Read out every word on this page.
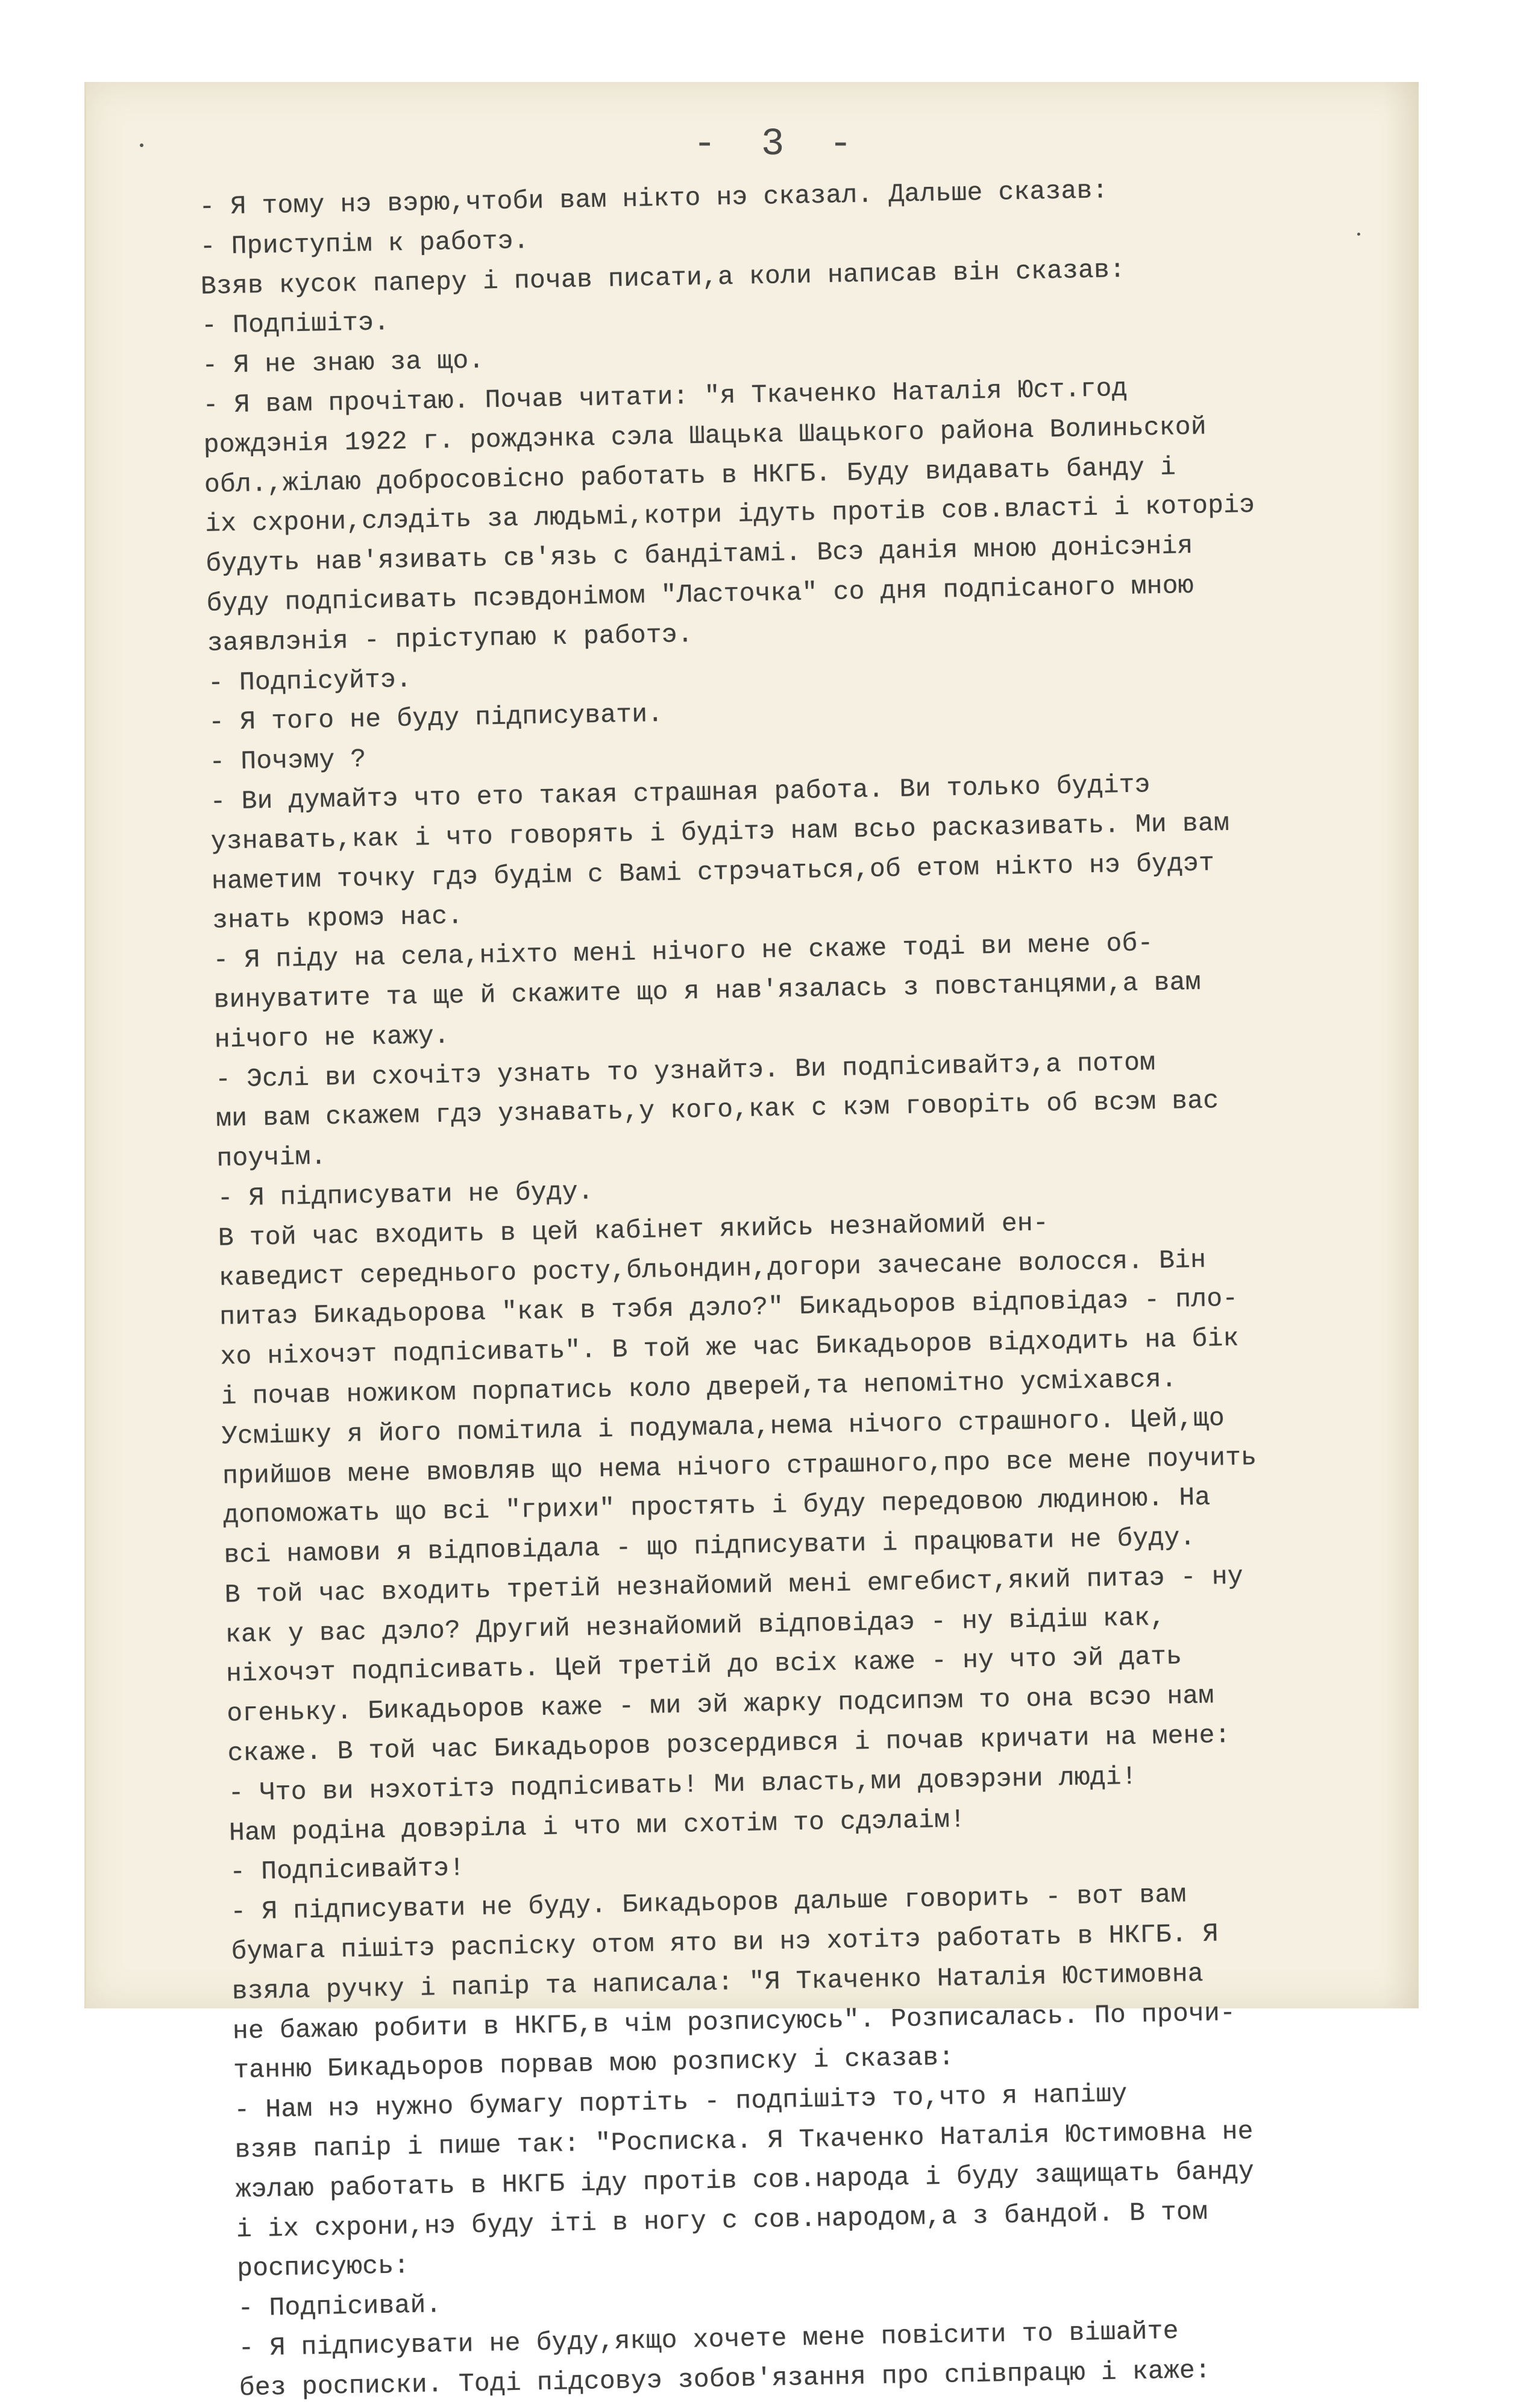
- 3 -
- Я тому нэ вэрю,чтоби вам нікто нэ сказал. Дальше сказав:
- Приступім к работэ.
Взяв кусок паперу і почав писати,а коли написав він сказав:
- Подпішітэ.
- Я не знаю за що.
- Я вам прочітаю. Почав читати: "я Ткаченко Наталія Юст.год
рождэнія 1922 г. рождэнка сэла Шацька Шацького района Волиньской
обл.,жілаю добросовісно работать в НКГБ. Буду видавать банду і
іх схрони,слэдіть за людьмі,котри ідуть протів сов.власті і которіэ
будуть нав'язивать св'язь с бандітамі. Всэ данія мною донісэнія
буду подпісивать псэвдонімом "Ласточка" со дня подпісаного мною
заявлэнія - пріступаю к работэ.
- Подпісуйтэ.
- Я того не буду підписувати.
- Почэму ?
- Ви думайтэ что ето такая страшная работа. Ви только будітэ
узнавать,как і что говорять і будітэ нам всьо расказивать. Ми вам
наметим точку гдэ будім с Вамі стрэчаться,об етом нікто нэ будэт
знать кромэ нас.
- Я піду на села,ніхто мені нічого не скаже тоді ви мене об-
винуватите та ще й скажите що я нав'язалась з повстанцями,а вам
нічого не кажу.
- Эслі ви схочітэ узнать то узнайтэ. Ви подпісивайтэ,а потом
ми вам скажем гдэ узнавать,у кого,как с кэм говоріть об всэм вас
поучім.
- Я підписувати не буду.
В той час входить в цей кабінет якийсь незнайомий ен-
каведист середнього росту,бльондин,догори зачесане волосся. Він
питаэ Бикадьорова "как в тэбя дэло?" Бикадьоров відповідаэ - пло-
хо ніхочэт подпісивать". В той же час Бикадьоров відходить на бік
і почав ножиком порпатись коло дверей,та непомітно усміхався.
Усмішку я його помітила і подумала,нема нічого страшного. Цей,що
прийшов мене вмовляв що нема нічого страшного,про все мене поучить
допоможать що всі "грихи" простять і буду передовою людиною. На
всі намови я відповідала - що підписувати і працювати не буду.
В той час входить третій незнайомий мені емгебист,який питаэ - ну
как у вас дэло? Другий незнайомий відповідаэ - ну відіш как,
ніхочэт подпісивать. Цей третій до всіх каже - ну что эй дать
огеньку. Бикадьоров каже - ми эй жарку подсипэм то она всэо нам
скаже. В той час Бикадьоров розсердився і почав кричати на мене:
- Что ви нэхотітэ подпісивать! Ми власть,ми довэрэни люді!
Нам родіна довэріла і что ми схотім то сдэлаім!
- Подпісивайтэ!
- Я підписувати не буду. Бикадьоров дальше говорить - вот вам
бумага пішітэ распіску отом ято ви нэ хотітэ работать в НКГБ. Я
взяла ручку і папір та написала: "Я Ткаченко Наталія Юстимовна
не бажаю робити в НКГБ,в чім розписуюсь". Розписалась. По прочи-
танню Бикадьоров порвав мою розписку і сказав:
- Нам нэ нужно бумагу портіть - подпішітэ то,что я напішу
взяв папір і пише так: "Росписка. Я Ткаченко Наталія Юстимовна не
жэлаю работать в НКГБ іду протів сов.народа і буду защищать банду
і іх схрони,нэ буду іті в ногу с сов.народом,а з бандой. В том
росписуюсь:
- Подпісивай.
- Я підписувати не буду,якщо хочете мене повісити то вішайте
без росписки. Тоді підсовуэ зобов'язання про співпрацю і каже:
